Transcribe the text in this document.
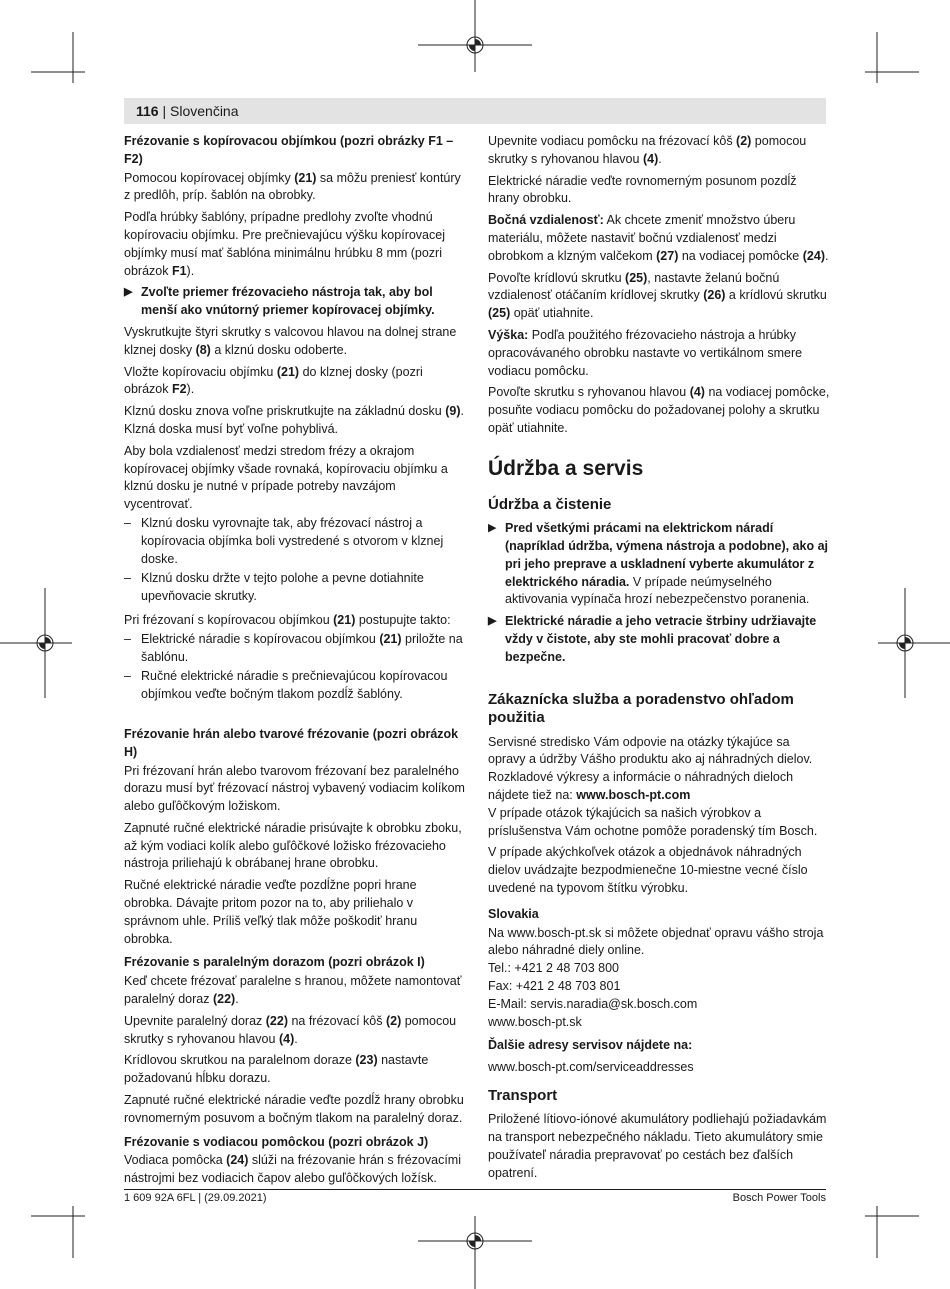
116 | Slovenčina

Frézovanie s kopírovacou objímkou (pozri obrázky F1 – F2)

Pomocou kopírovacej objímky (21) sa môžu preniesť kontúry z predlôh, príp. šablón na obrobky.

Podľa hrúbky šablóny, prípadne predlohy zvoľte vhodnú kopírovaciu objímku. Pre prečnievajúcu výšku kopírovacej objímky musí mať šablóna minimálnu hrúbku 8 mm (pozri obrázok F1).

▶ Zvoľte priemer frézovacieho nástroja tak, aby bol menší ako vnútorný priemer kopírovacej objímky.

Vyskrutkujte štyri skrutky s valcovou hlavou na dolnej strane klznej dosky (8) a klznú dosku odoberte.

Vložte kopírovaciu objímku (21) do klznej dosky (pozri obrázok F2).

Klznú dosku znova voľne priskrutkujte na základnú dosku (9). Klzná doska musí byť voľne pohyblivá.

Aby bola vzdialenosť medzi stredom frézy a okrajom kopírovacej objímky všade rovnaká, kopírovaciu objímku a klznú dosku je nutné v prípade potreby navzájom vycentrovať.

– Klznú dosku vyrovnajte tak, aby frézovací nástroj a kopírovacia objímka boli vystredené s otvorom v klznej doske.
– Klznú dosku držte v tejto polohe a pevne dotiahnite upevňovacie skrutky.

Pri frézovaní s kopírovacou objímkou (21) postupujte takto:

– Elektrické náradie s kopírovacou objímkou (21) priložte na šablónu.
– Ručné elektrické náradie s prečnievajúcou kopírovacou objímkou veďte bočným tlakom pozdĺž šablóny.

Frézovanie hrán alebo tvarové frézovanie (pozri obrázok H)

Pri frézovaní hrán alebo tvarovom frézovaní bez paralelného dorazu musí byť frézovací nástroj vybavený vodiacim kolíkom alebo guľôčkovým ložiskom.

Zapnuté ručné elektrické náradie prisúvajte k obrobku zboku, až kým vodiaci kolík alebo guľôčkové ložisko frézovacieho nástroja priliehajú k obrábanej hrane obrobku.

Ručné elektrické náradie veďte pozdĺžne popri hrane obrobka. Dávajte pritom pozor na to, aby priliehalo v správnom uhle. Príliš veľký tlak môže poškodiť hranu obrobka.

Frézovanie s paralelným dorazom (pozri obrázok I)

Keď chcete frézovať paralelne s hranou, môžete namontovať paralelný doraz (22).

Upevnite paralelný doraz (22) na frézovací kôš (2) pomocou skrutky s ryhovanou hlavou (4).

Krídlovou skrutkou na paralelnom doraze (23) nastavte požadovanú hĺbku dorazu.

Zapnuté ručné elektrické náradie veďte pozdĺž hrany obrobku rovnomerným posuvom a bočným tlakom na paralelný doraz.

Frézovanie s vodiacou pomôckou (pozri obrázok J)

Vodiaca pomôcka (24) slúži na frézovanie hrán s frézovacími nástrojmi bez vodiacich čapov alebo guľôčkových ložísk.

Upevnite vodiacu pomôcku na frézovací kôš (2) pomocou skrutky s ryhovanou hlavou (4).

Elektrické náradie veďte rovnomerným posunom pozdĺž hrany obrobku.

Bočná vzdialenosť: Ak chcete zmeniť množstvo úberu materiálu, môžete nastaviť bočnú vzdialenosť medzi obrobkom a klzným valčekom (27) na vodiacej pomôcke (24).

Povoľte krídlovú skrutku (25), nastavte želanú bočnú vzdialenosť otáčaním krídlovej skrutky (26) a krídlovú skrutku (25) opäť utiahnite.

Výška: Podľa použitého frézovacieho nástroja a hrúbky opracovávaného obrobku nastavte vo vertikálnom smere vodiacu pomôcku.

Povoľte skrutku s ryhovanou hlavou (4) na vodiacej pomôcke, posuňte vodiacu pomôcku do požadovanej polohy a skrutku opäť utiahnite.

Údržba a servis
Údržba a čistenie
▶ Pred všetkými prácami na elektrickom náradí (napríklad údržba, výmena nástroja a podobne), ako aj pri jeho preprave a uskladnení vyberte akumulátor z elektrického náradia. V prípade neúmyselného aktivovania vypínača hrozí nebezpečenstvo poranenia.
▶ Elektrické náradie a jeho vetracie štrbiny udržiavajte vždy v čistote, aby ste mohli pracovať dobre a bezpečne.
Zákaznícka služba a poradenstvo ohľadom použitia

Servisné stredisko Vám odpovie na otázky týkajúce sa opravy a údržby Vášho produktu ako aj náhradných dielov. Rozkladové výkresy a informácie o náhradných dieloch nájdete tiež na: www.bosch-pt.com

V prípade otázok týkajúcich sa našich výrobkov a príslušenstva Vám ochotne pomôže poradenský tím Bosch.

V prípade akýchkoľvek otázok a objednávok náhradných dielov uvádzajte bezpodmienečne 10-miestne vecné číslo uvedené na typovom štítku výrobku.

Slovakia

Na www.bosch-pt.sk si môžete objednať opravu vášho stroja alebo náhradné diely online.

Tel.: +421 2 48 703 800

Fax: +421 2 48 703 801

E-Mail: servis.naradia@sk.bosch.com

www.bosch-pt.sk

Ďalšie adresy servisov nájdete na:

www.bosch-pt.com/serviceaddresses

Transport

Priložené lítiovo-iónové akumulátory podliehajú požiadavkám na transport nebezpečného nákladu. Tieto akumulátory smie používateľ náradia prepravovať po cestách bez ďalších opatrení.

1 609 92A 6FL | (29.09.2021)	Bosch Power Tools
